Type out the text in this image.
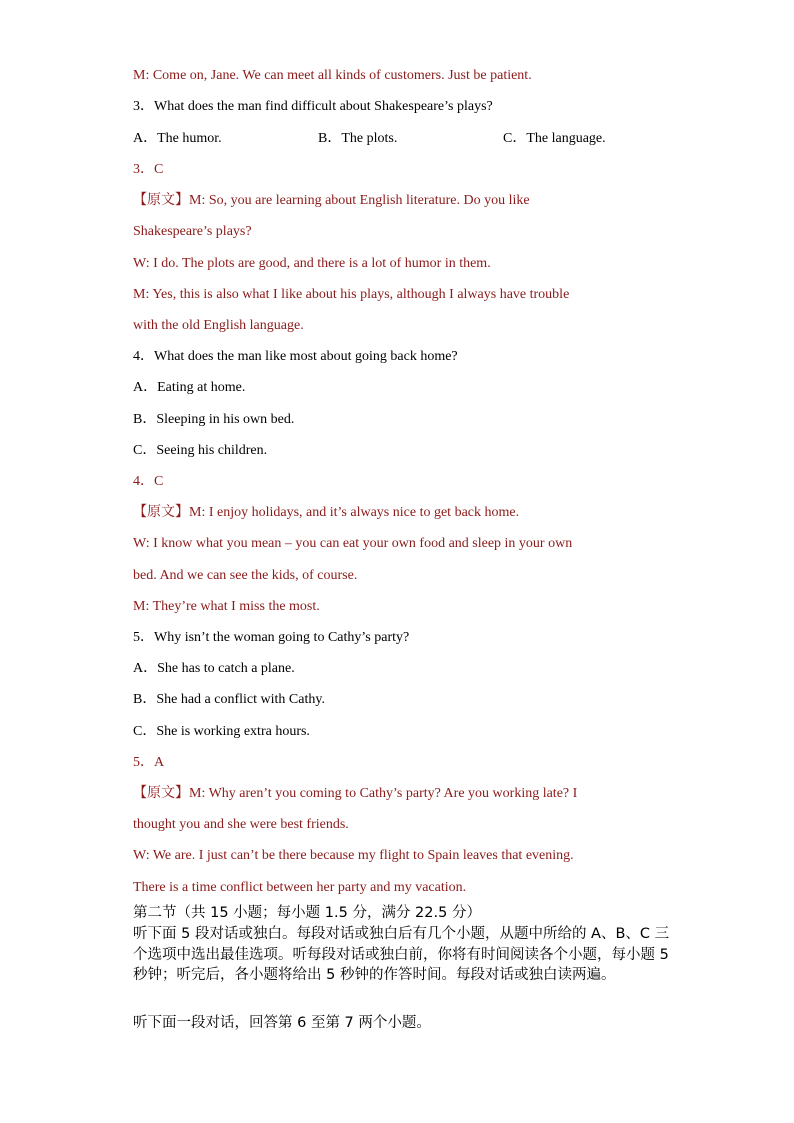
M: Come on, Jane. We can meet all kinds of customers. Just be patient.
3．What does the man find difficult about Shakespeare’s plays?
A．The humor.	B．The plots.	C．The language.
3．C
【原文】M: So, you are learning about English literature. Do you like
Shakespeare’s plays?
W: I do. The plots are good, and there is a lot of humor in them.
M: Yes, this is also what I like about his plays, although I always have trouble
with the old English language.
4．What does the man like most about going back home?
A．Eating at home.
B．Sleeping in his own bed.
C．Seeing his children.
4．C
【原文】M: I enjoy holidays, and it’s always nice to get back home.
W: I know what you mean – you can eat your own food and sleep in your own
bed. And we can see the kids, of course.
M: They’re what I miss the most.
5．Why isn’t the woman going to Cathy’s party?
A．She has to catch a plane.
B．She had a conflict with Cathy.
C．She is working extra hours.
5．A
【原文】M: Why aren’t you coming to Cathy’s party? Are you working late? I
thought you and she were best friends.
W: We are. I just can’t be there because my flight to Spain leaves that evening.
There is a time conflict between her party and my vacation.
第二节（共 15 小题；每小题 1.5 分，满分 22.5 分）
听下面 5 段对话或独白。每段对话或独白后有几个小题，从题中所给的 A、B、C 三个选项中选出最佳选项。听每段对话或独白前，你将有时间阅读各个小题，每小题 5 秒钟；听完后，各小题将给出 5 秒钟的作答时间。每段对话或独白读两遍。
听下面一段对话，回答第 6 至第 7 两个小题。
